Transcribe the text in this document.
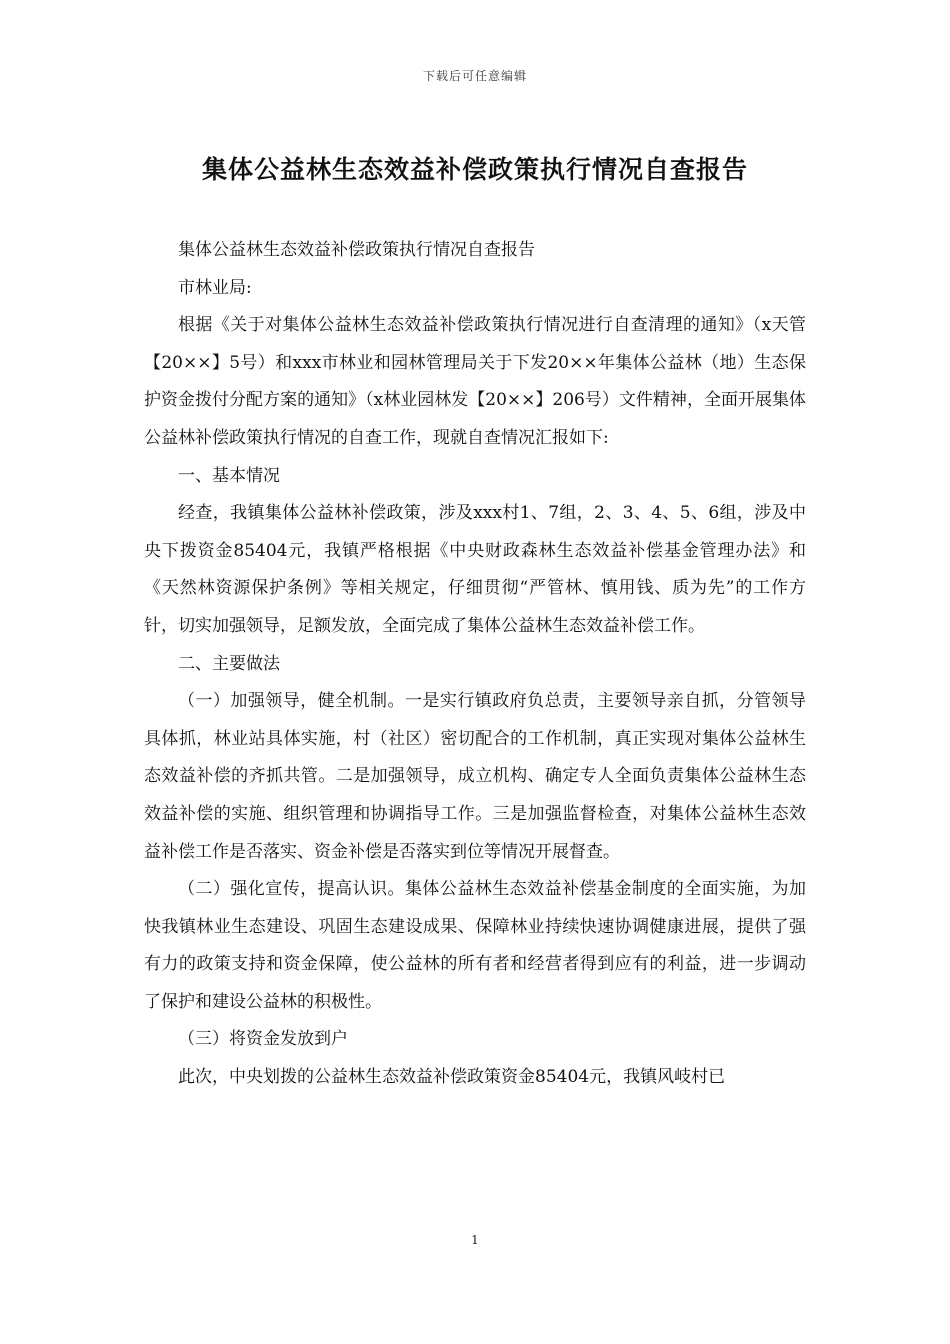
下载后可任意编辑
集体公益林生态效益补偿政策执行情况自查报告

集体公益林生态效益补偿政策执行情况自查报告

市林业局:

根据《关于对集体公益林生态效益补偿政策执行情况进行自查清理的通知》（x天管【20××】5号）和xxx市林业和园林管理局关于下发20××年集体公益林（地）生态保护资金拨付分配方案的通知》（x林业园林发【20××】206号）文件精神，全面开展集体公益林补偿政策执行情况的自查工作，现就自查情况汇报如下:

一、基本情况

经查，我镇集体公益林补偿政策，涉及xxx村1、7组，2、3、4、5、6组，涉及中央下拨资金85404元，我镇严格根据《中央财政森林生态效益补偿基金管理办法》和《天然林资源保护条例》等相关规定，仔细贯彻“严管林、慎用钱、质为先”的工作方针，切实加强领导，足额发放，全面完成了集体公益林生态效益补偿工作。

二、主要做法

（一）加强领导，健全机制。一是实行镇政府负总责，主要领导亲自抓，分管领导具体抓，林业站具体实施，村（社区）密切配合的工作机制，真正实现对集体公益林生态效益补偿的齐抓共管。二是加强领导，成立机构、确定专人全面负责集体公益林生态效益补偿的实施、组织管理和协调指导工作。三是加强监督检查，对集体公益林生态效益补偿工作是否落实、资金补偿是否落实到位等情况开展督查。

（二）强化宣传，提高认识。集体公益林生态效益补偿基金制度的全面实施，为加快我镇林业生态建设、巩固生态建设成果、保障林业持续快速协调健康进展，提供了强有力的政策支持和资金保障，使公益林的所有者和经营者得到应有的利益，进一步调动了保护和建设公益林的积极性。

（三）将资金发放到户

此次，中央划拨的公益林生态效益补偿政策资金85404元，我镇风岐村已

1
